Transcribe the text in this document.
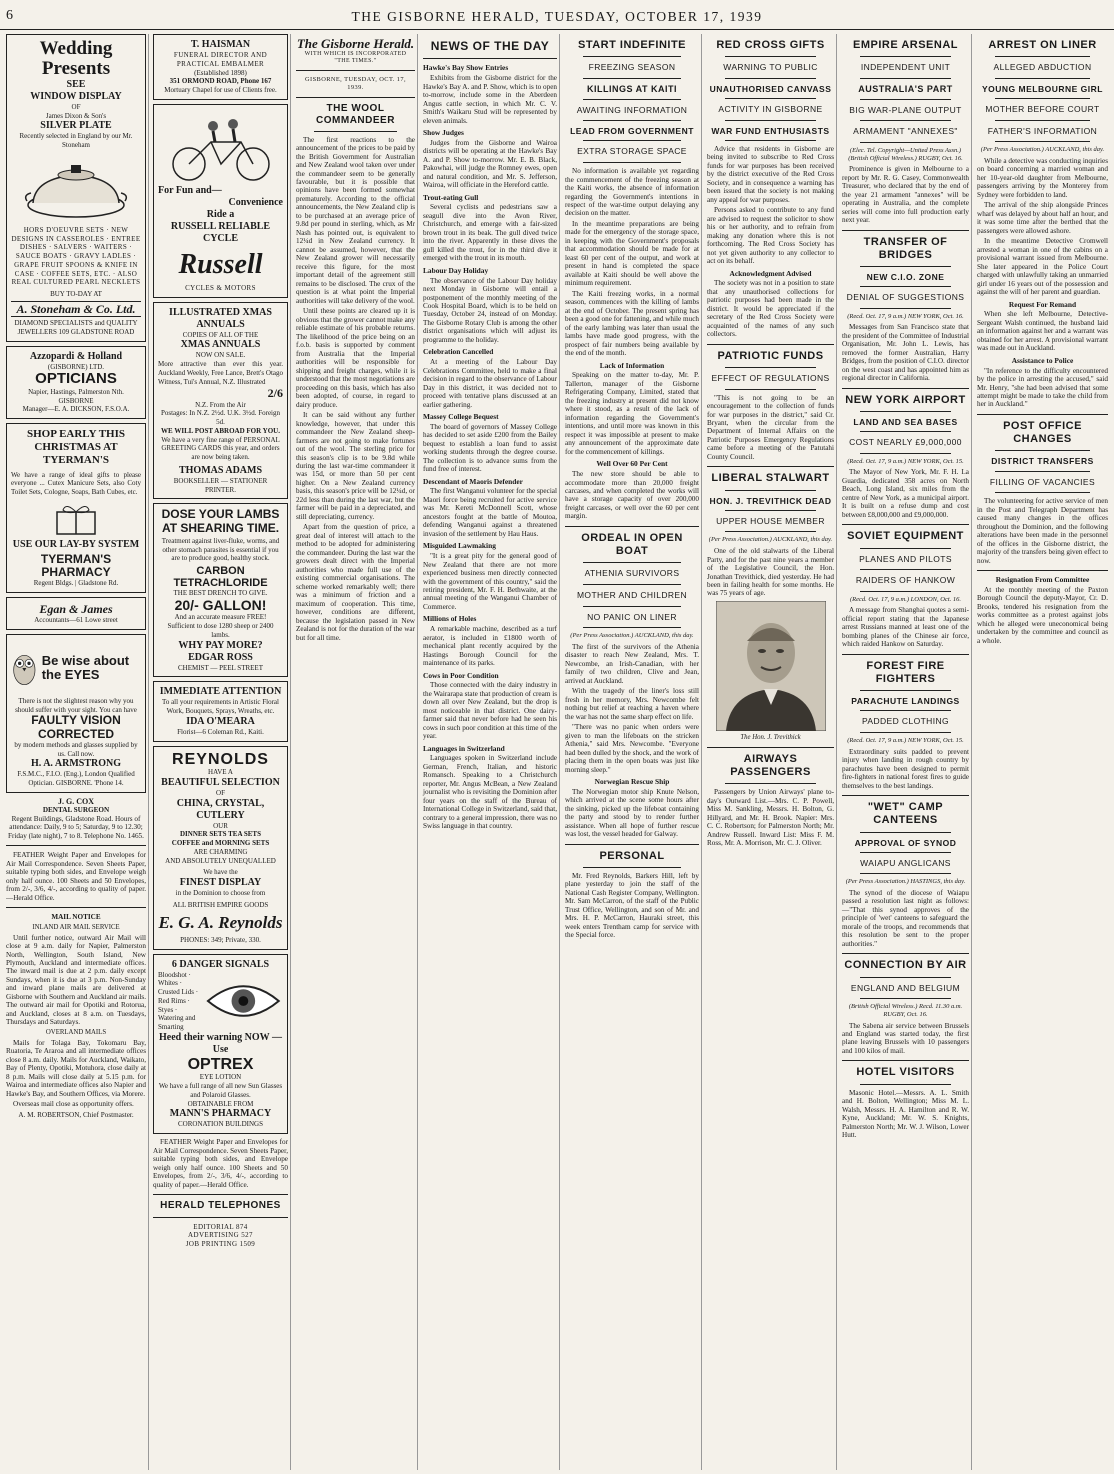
6	THE GISBORNE HERALD, TUESDAY, OCTOBER 17, 1939
Wedding Presents
SEE
WINDOW DISPLAY
OF
James Dixon & Son's
SILVER PLATE
Recently selected in England by our Mr. Stoneham
HORS D'OEUVRE SETS · NEW DESIGNS IN CASSEROLES · ENTREE DISHES · SALVERS · WAITERS · SAUCE BOATS · GRAVY LADLES · GRAPE FRUIT SPOONS & KNIFE IN CASE · COFFEE SETS, ETC. · ALSO REAL CULTURED PEARL NECKLETS
BUY TO-DAY AT
A. Stoneham & Co. Ltd.
DIAMOND SPECIALISTS and QUALITY JEWELLERS 109 GLADSTONE ROAD
Azzopardi & Holland
(GISBORNE) LTD.
OPTICIANS
Napier, Hastings, Palmerston Nth. GISBORNE
Manager—E. A. DICKSON, F.S.O.A.
SHOP EARLY THIS CHRISTMAS AT TYERMAN'S
We have a range of ideal gifts to please everyone ... Cutex Manicure Sets, also Coty Toilet Sets, Cologne, Soaps, Bath Cubes, etc.
USE OUR LAY-BY SYSTEM
TYERMAN'S PHARMACY
Regent Bldgs. | Gladstone Rd.
Egan & James
Accountants—61 Lowe street
Be wise about the EYES
There is not the slightest reason why you should suffer with your sight. You can have
FAULTY VISION CORRECTED
by modern methods and glasses supplied by us. Call now.
H. A. ARMSTRONG
F.S.M.C., F.I.O. (Eng.), London Qualified Optician. GISBORNE. 'Phone 14.
J. G. COX
DENTAL SURGEON
Regent Buildings, Gladstone Road. Hours of attendance: Daily, 9 to 5; Saturday, 9 to 12.30; Friday (late night), 7 to 8. Telephone No. 1465.
FEATHER Weight Paper and Envelopes for Air Mail Correspondence. Seven Sheets Paper, suitable typing both sides, and Envelope weigh only half ounce. 100 Sheets and 50 Envelopes, from 2/-, 3/6, 4/-, according to quality of paper.—Herald Office.
MAIL NOTICE
INLAND AIR MAIL SERVICE
Until further notice, outward Air Mail will close at 9 a.m. daily for Napier, Palmerston North, Wellington, South Island, New Plymouth, Auckland and intermediate offices. The inward mail is due at 2 p.m. daily except Sundays, when it is due at 3 p.m. Non-Sunday and inward plane mails are delivered at Gisborne with Southern and Auckland air mails. The outward air mail for Opotiki and Rotorua, and Auckland, closes at 8 a.m. on Tuesdays, Thursdays and Saturdays.
OVERLAND MAILS
Mails for Tolaga Bay, Tokomaru Bay, Ruatoria, Te Araroa and all intermediate offices close 8 a.m. daily. Mails for Auckland, Waikato, Bay of Plenty, Opotiki, Motuhora, close daily at 8 p.m. Mails will close daily at 5.15 p.m. for Wairoa and intermediate offices also Napier and Hawke's Bay, and Southern Offices, via Morere.
Overseas mail close as opportunity offers.
A. M. ROBERTSON, Chief Postmaster.
T. HAISMAN
FUNERAL DIRECTOR AND PRACTICAL EMBALMER
(Established 1898)
351 ORMOND ROAD, Phone 167
Mortuary Chapel for use of Clients free.
For Fun and—
Convenience
Ride a
RUSSELL RELIABLE CYCLE
Russell
CYCLES & MOTORS
ILLUSTRATED XMAS ANNUALS
COPIES OF ALL OF THE
XMAS ANNUALS
NOW ON SALE.
More attractive than ever this year. Auckland Weekly, Free Lance, Brett's Otago Witness, Tui's Annual, N.Z. Illustrated
2/6
N.Z. From the Air
Postages: In N.Z. 2½d. U.K. 3½d. Foreign 5d.
WE WILL POST ABROAD FOR YOU.
We have a very fine range of PERSONAL GREETING CARDS this year, and orders are now being taken.
THOMAS ADAMS
BOOKSELLER — STATIONER PRINTER.
DOSE YOUR LAMBS AT SHEARING TIME.
Treatment against liver-fluke, worms, and other stomach parasites is essential if you are to produce good, healthy stock.
CARBON TETRACHLORIDE
THE BEST DRENCH TO GIVE.
20/- GALLON!
And an accurate measure FREE!
Sufficient to dose 1280 sheep or 2400 lambs.
WHY PAY MORE?
EDGAR ROSS
CHEMIST — PEEL STREET
IMMEDIATE ATTENTION
To all your requirements in Artistic Floral Work, Bouquets, Sprays, Wreaths, etc.
IDA O'MEARA
Florist—6 Coleman Rd., Kaiti.
REYNOLDS
HAVE A
BEAUTIFUL SELECTION
OF
CHINA, CRYSTAL, CUTLERY
OUR
DINNER SETS TEA SETS
COFFEE and MORNING SETS
ARE CHARMING
AND ABSOLUTELY UNEQUALLED
We have the
FINEST DISPLAY
in the Dominion to choose from
ALL BRITISH EMPIRE GOODS
E. G. A. Reynolds
PHONES: 349; Private, 330.
6 DANGER SIGNALS
Bloodshot · Whites · Crusted Lids · Red Rims · Styes · Watering and Smarting
Heed their warning NOW — Use
OPTREX
EYE LOTION
We have a full range of all new Sun Glasses and Polaroid Glasses.
OBTAINABLE FROM
MANN'S PHARMACY
CORONATION BUILDINGS
FEATHER Weight Paper and Envelopes for Air Mail Correspondence. Seven Sheets Paper, suitable typing both sides, and Envelope weigh only half ounce. 100 Sheets and 50 Envelopes, from 2/-, 3/6, 4/-, according to quality of paper.—Herald Office.
HERALD TELEPHONES
EDITORIAL 874
ADVERTISING 527
JOB PRINTING 1509
The Gisborne Herald.
WITH WHICH IS INCORPORATED "THE TIMES."
GISBORNE, TUESDAY, OCT. 17, 1939.
THE WOOL COMMANDEER
The first reactions to the announcement of the prices to be paid by the British Government for Australian and New Zealand wool taken over under the commandeer seem to be generally favourable, but it is possible that opinions have been formed somewhat prematurely. According to the official announcements, the New Zealand clip is to be purchased at an average price of 9.8d per pound in sterling, which, as Mr Nash has pointed out, is equivalent to 12¼d in New Zealand currency. It cannot be assumed, however, that the New Zealand grower will necessarily receive this figure, for the most important detail of the agreement still remains to be disclosed. The crux of the question is at what point the Imperial authorities will take delivery of the wool.
Until these points are cleared up it is obvious that the grower cannot make any reliable estimate of his probable returns. The likelihood of the price being on an f.o.b. basis is supported by comment from Australia that the Imperial authorities will be responsible for shipping and freight charges, while it is understood that the most negotiations are proceeding on this basis, which has also been adopted, of course, in regard to dairy produce.
It can be said without any further knowledge, however, that under this commandeer the New Zealand sheep-farmers are not going to make fortunes out of the wool. The sterling price for this season's clip is to be 9.8d while during the last war-time commandeer it was 15d, or more than 50 per cent higher. On a New Zealand currency basis, this season's price will be 12¼d, or 22d less than during the last war, but the farmer will be paid in a depreciated, and still depreciating, currency.
Apart from the question of price, a great deal of interest will attach to the method to be adopted for administering the commandeer. During the last war the growers dealt direct with the Imperial authorities who made full use of the existing commercial organisations. The scheme worked remarkably well; there was a minimum of friction and a maximum of cooperation. This time, however, conditions are different, because the legislation passed in New Zealand is not for the duration of the war but for all time.
NEWS OF THE DAY
Hawke's Bay Show Entries
Exhibits from the Gisborne district for the Hawke's Bay A. and P. Show, which is to open to-morrow, include some in the Aberdeen Angus cattle section, in which Mr. C. V. Smith's Waikaru Stud will be represented by eleven animals.
Show Judges
Judges from the Gisborne and Wairoa districts will be operating at the Hawke's Bay A. and P. Show to-morrow. Mr. E. B. Black, Pakowhai, will judge the Romney ewes, open and natural condition, and Mr. S. Jefferson, Wairoa, will officiate in the Hereford cattle.
Trout-eating Gull
Several cyclists and pedestrians saw a seagull dive into the Avon River, Christchurch, and emerge with a fair-sized brown trout in its beak. The gull dived twice into the river. Apparently in these dives the gull killed the trout, for in the third dive it emerged with the trout in its mouth.
Labour Day Holiday
The observance of the Labour Day holiday next Monday in Gisborne will entail a postponement of the monthly meeting of the Cook Hospital Board, which is to be held on Tuesday, October 24, instead of on Monday. The Gisborne Rotary Club is among the other district organisations which will adjust its programme to the holiday.
Celebration Cancelled
At a meeting of the Labour Day Celebrations Committee, held to make a final decision in regard to the observance of Labour Day in this district, it was decided not to proceed with tentative plans discussed at an earlier gathering.
Massey College Bequest
The board of governors of Massey College has decided to set aside £200 from the Bailey bequest to establish a loan fund to assist working students through the degree course. The collection is to advance sums from the fund free of interest.
Descendant of Maoris Defender
The first Wanganui volunteer for the special Maori force being recruited for active service was Mr. Kereti McDonnell Scott, whose ancestors fought at the battle of Moutoa, defending Wanganui against a threatened invasion of the settlement by Hau Haus.
Misguided Lawmaking
"It is a great pity for the general good of New Zealand that there are not more experienced business men directly connected with the government of this country," said the retiring president, Mr. F. H. Bethwaite, at the annual meeting of the Wanganui Chamber of Commerce.
Millions of Holes
A remarkable machine, described as a turf aerator, is included in £1800 worth of mechanical plant recently acquired by the Hastings Borough Council for the maintenance of its parks.
Cows in Poor Condition
Those connected with the dairy industry in the Wairarapa state that production of cream is down all over New Zealand, but the drop is most noticeable in that district. One dairy-farmer said that never before had he seen his cows in such poor condition at this time of the year.
Languages in Switzerland
Languages spoken in Switzerland include German, French, Italian, and historic Romansch. Speaking to a Christchurch reporter, Mr. Angus McBean, a New Zealand journalist who is revisiting the Dominion after four years on the staff of the Bureau of International College in Switzerland, said that, contrary to a general impression, there was no Swiss language in that country.
START INDEFINITE
FREEZING SEASON
KILLINGS AT KAITI
AWAITING INFORMATION
LEAD FROM GOVERNMENT
EXTRA STORAGE SPACE
No information is available yet regarding the commencement of the freezing season at the Kaiti works, the absence of information regarding the Government's intentions in respect of the war-time output delaying any decision on the matter.
In the meantime preparations are being made for the emergency of the storage space, in keeping with the Government's proposals that accommodation should be made for at least 60 per cent of the output, and work at present in hand is completed the space available at Kaiti should be well above the minimum requirement.
The Kaiti freezing works, in a normal season, commences with the killing of lambs at the end of October. The present spring has been a good one for fattening, and while much of the early lambing was later than usual the lambs have made good progress, with the prospect of fair numbers being available by the end of the month.
Lack of Information
Speaking on the matter to-day, Mr. P. Tallerton, manager of the Gisborne Refrigerating Company, Limited, stated that the freezing industry at present did not know where it stood, as a result of the lack of information regarding the Government's intentions, and until more was known in this respect it was impossible at present to make any announcement of the approximate date for the commencement of killings.
Well Over 60 Per Cent
The new store should be able to accommodate more than 20,000 freight carcases, and when completed the works will have a storage capacity of over 200,000 freight carcases, or well over the 60 per cent margin.
ORDEAL IN OPEN BOAT
ATHENIA SURVIVORS
MOTHER AND CHILDREN
NO PANIC ON LINER
(Per Press Association.) AUCKLAND, this day.
The first of the survivors of the Athenia disaster to reach New Zealand, Mrs. T. Newcombe, an Irish-Canadian, with her family of two children, Clive and Jean, arrived at Auckland.
With the tragedy of the liner's loss still fresh in her memory, Mrs. Newcombe felt nothing but relief at reaching a haven where the war has not the same sharp effect on life.
"There was no panic when orders were given to man the lifeboats on the stricken Athenia," said Mrs. Newcombe. "Everyone had been dulled by the shock, and the work of placing them in the open boats was just like morning sleep."
Norwegian Rescue Ship
The Norwegian motor ship Knute Nelson, which arrived at the scene some hours after the sinking, picked up the lifeboat containing the party and stood by to render further assistance. When all hope of further rescue was lost, the vessel headed for Galway.
PERSONAL
Mr. Fred Reynolds, Barkers Hill, left by plane yesterday to join the staff of the National Cash Register Company, Wellington. Mr. Sam McCarron, of the staff of the Public Trust Office, Wellington, and son of Mr. and Mrs. H. P. McCarron, Hauraki street, this week enters Trentham camp for service with the Special force.
RED CROSS GIFTS
WARNING TO PUBLIC
UNAUTHORISED CANVASS
ACTIVITY IN GISBORNE
WAR FUND ENTHUSIASTS
Advice that residents in Gisborne are being invited to subscribe to Red Cross funds for war purposes has been received by the district executive of the Red Cross Society, and in consequence a warning has been issued that the society is not making any appeal for war purposes.
Persons asked to contribute to any fund are advised to request the solicitor to show his or her authority, and to refrain from making any donation where this is not forthcoming. The Red Cross Society has not yet given authority to any collector to act on its behalf.
Acknowledgment Advised
The society was not in a position to state that any unauthorised collections for patriotic purposes had been made in the district. It would be appreciated if the secretary of the Red Cross Society were acquainted of the names of any such collectors.
PATRIOTIC FUNDS
EFFECT OF REGULATIONS
"This is not going to be an encouragement to the collection of funds for war purposes in the district," said Cr. Bryant, when the circular from the Department of Internal Affairs on the Patriotic Purposes Emergency Regulations came before a meeting of the Patutahi County Council.
LIBERAL STALWART
HON. J. TREVITHICK DEAD
UPPER HOUSE MEMBER
(Per Press Association.) AUCKLAND, this day.
One of the old stalwarts of the Liberal Party, and for the past nine years a member of the Legislative Council, the Hon. Jonathan Trevithick, died yesterday. He had been in failing health for some months. He was 75 years of age.
The Hon. J. Trevithick
AIRWAYS PASSENGERS
Passengers by Union Airways' plane to-day's Outward List.—Mrs. C. P. Powell, Miss M. Sankling, Messrs. H. Bolton, G. Hillyard, and Mr. H. Brook. Napier: Mrs. C. C. Robertson; for Palmerston North; Mr. Andrew Russell. Inward List: Miss F. M. Ross, Mr. A. Morrison, Mr. C. J. Oliver.
EMPIRE ARSENAL
INDEPENDENT UNIT
AUSTRALIA'S PART
BIG WAR-PLANE OUTPUT
ARMAMENT "ANNEXES"
(Elec. Tel. Copyright—United Press Assn.) (British Official Wireless.) RUGBY, Oct. 16.
Prominence is given in Melbourne to a report by Mr. R. G. Casey, Commonwealth Treasurer, who declared that by the end of the year 21 armament "annexes" will be operating in Australia, and the complete series will come into full production early next year.
TRANSFER OF BRIDGES
NEW C.I.O. ZONE
DENIAL OF SUGGESTIONS
(Recd. Oct. 17, 9 a.m.) NEW YORK, Oct. 16.
Messages from San Francisco state that the president of the Committee of Industrial Organisation, Mr. John L. Lewis, has removed the former Australian, Harry Bridges, from the position of C.I.O. director on the west coast and has appointed him as regional director in California.
NEW YORK AIRPORT
LAND AND SEA BASES
COST NEARLY £9,000,000
(Recd. Oct. 17, 9 a.m.) NEW YORK, Oct. 15.
The Mayor of New York, Mr. F. H. La Guardia, dedicated 358 acres on North Beach, Long Island, six miles from the centre of New York, as a municipal airport. It is built on a refuse dump and cost between £8,000,000 and £9,000,000.
SOVIET EQUIPMENT
PLANES AND PILOTS
RAIDERS OF HANKOW
(Recd. Oct. 17, 9 a.m.) LONDON, Oct. 16.
A message from Shanghai quotes a semi-official report stating that the Japanese arrest Russians manned at least one of the bombing planes of the Chinese air force, which raided Hankow on Saturday.
FOREST FIRE FIGHTERS
PARACHUTE LANDINGS
PADDED CLOTHING
(Recd. Oct. 17, 9 a.m.) NEW YORK, Oct. 15.
Extraordinary suits padded to prevent injury when landing in rough country by parachutes have been designed to permit fire-fighters in national forest fires to guide themselves to the best landings.
"WET" CAMP CANTEENS
APPROVAL OF SYNOD
WAIAPU ANGLICANS
(Per Press Association.) HASTINGS, this day.
The synod of the diocese of Waiapu passed a resolution last night as follows:—"That this synod approves of the principle of 'wet' canteens to safeguard the morale of the troops, and recommends that this resolution be sent to the proper authorities."
CONNECTION BY AIR
ENGLAND AND BELGIUM
(British Official Wireless.) Recd. 11.30 a.m. RUGBY, Oct. 16.
The Sabena air service between Brussels and England was started today, the first plane leaving Brussels with 10 passengers and 100 kilos of mail.
HOTEL VISITORS
Masonic Hotel.—Messrs. A. L. Smith and H. Bolton, Wellington; Miss M. L. Walsh, Messrs. H. A. Hamilton and R. W. Kyne, Auckland; Mr. W. S. Knights, Palmerston North; Mr. W. J. Wilson, Lower Hutt.
ARREST ON LINER
ALLEGED ABDUCTION
YOUNG MELBOURNE GIRL
MOTHER BEFORE COURT
FATHER'S INFORMATION
(Per Press Association.) AUCKLAND, this day.
While a detective was conducting inquiries on board concerning a married woman and her 10-year-old daughter from Melbourne, passengers arriving by the Monterey from Sydney were forbidden to land.
The arrival of the ship alongside Princes wharf was delayed by about half an hour, and it was some time after the berthed that the passengers were allowed ashore.
In the meantime Detective Cromwell arrested a woman in one of the cabins on a provisional warrant issued from Melbourne. She later appeared in the Police Court charged with unlawfully taking an unmarried girl under 16 years out of the possession and against the will of her parent and guardian.
Request For Remand
When she left Melbourne, Detective-Sergeant Walsh continued, the husband laid an information against her and a warrant was obtained for her arrest. A provisional warrant was made out in Auckland.
Assistance to Police
"In reference to the difficulty encountered by the police in arresting the accused," said Mr. Henry, "she had been advised that some attempt might be made to take the child from her in Auckland."
POST OFFICE CHANGES
DISTRICT TRANSFERS
FILLING OF VACANCIES
The volunteering for active service of men in the Post and Telegraph Department has caused many changes in the offices throughout the Dominion, and the following alterations have been made in the personnel of the offices in the Gisborne district, the majority of the transfers being given effect to now.
Resignation From Committee
At the monthly meeting of the Paxton Borough Council the deputy-Mayor, Cr. D. Brooks, tendered his resignation from the works committee as a protest against jobs which he alleged were uneconomical being undertaken by the committee and council as a whole.
